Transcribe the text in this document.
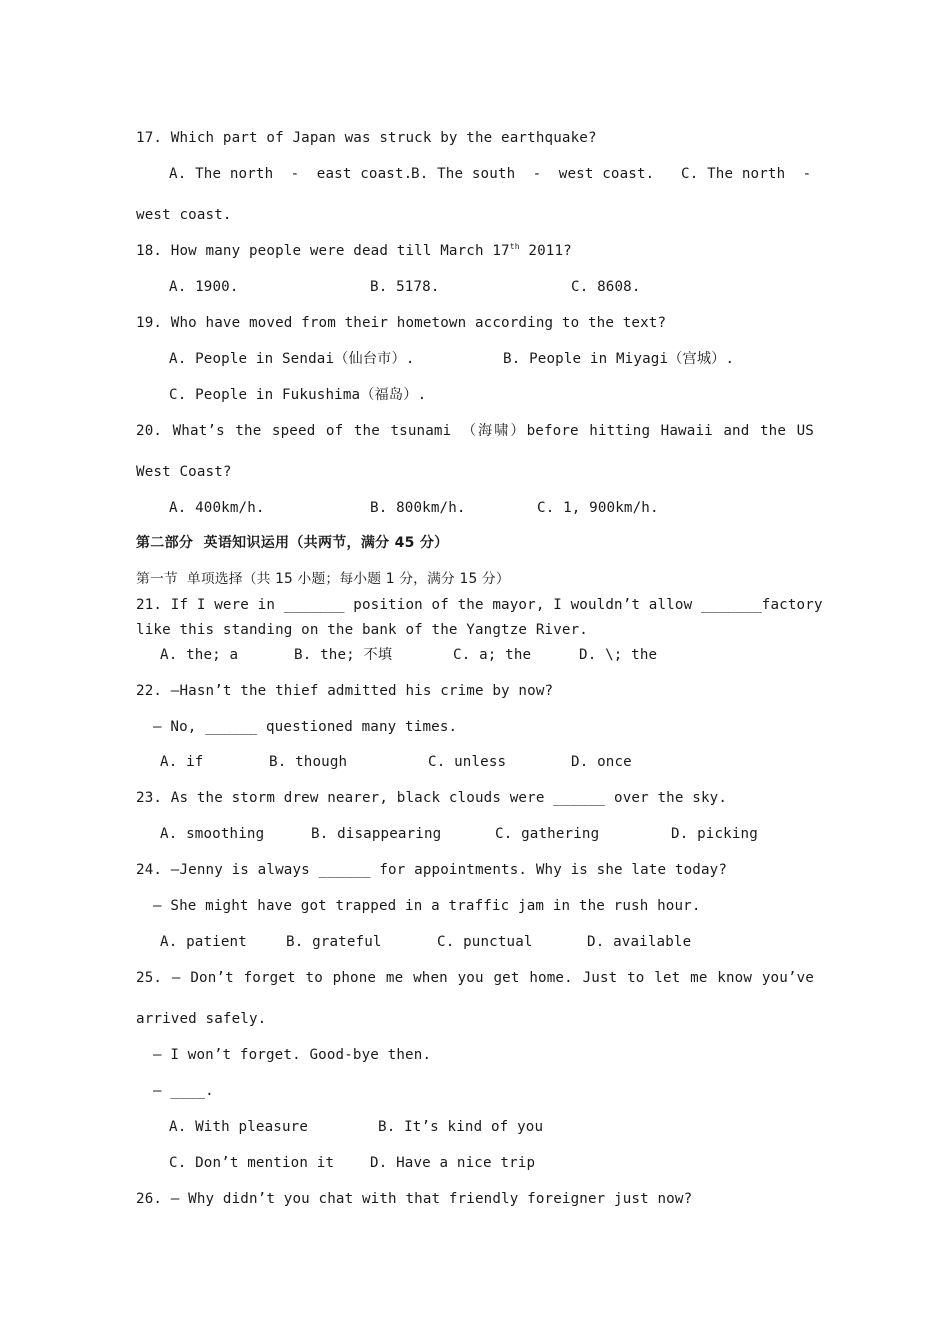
17. Which part of Japan was struck by the earthquake?
A. The north  -  east coast.
B. The south  -  west coast. C. The north  -
west coast.
18. How many people were dead till March 17th 2011?
A. 1900.	B. 5178.	C. 8608.
19. Who have moved from their hometown according to the text?
A. People in Sendai（仙台市）.	B. People in Miyagi（宫城）.
C. People in Fukushima（福岛）.
20. What’s the speed of the tsunami （海啸）before hitting Hawaii and the US
West Coast?
A. 400km/h.	B. 800km/h.	C. 1, 900km/h.
第二部分  英语知识运用（共两节，满分 45 分）
第一节  单项选择（共 15 小题；每小题 1 分，满分 15 分）
21. If I were in _______ position of the mayor, I wouldn’t allow _______factory
like this standing on the bank of the Yangtze River.
A. the; a	B. the; 不填	C. a; the	D. \; the
22. —Hasn’t the thief admitted his crime by now?
— No, ______ questioned many times.
A. if	B. though	C. unless	D. once
23. As the storm drew nearer, black clouds were ______ over the sky.
A. smoothing	B. disappearing	C. gathering	D. picking
24. —Jenny is always ______ for appointments. Why is she late today?
— She might have got trapped in a traffic jam in the rush hour.
A. patient	B. grateful	C. punctual	D. available
25. — Don’t forget to phone me when you get home. Just to let me know you’ve
arrived safely.
— I won’t forget. Good-bye then.
— ____.
A. With pleasure	B. It’s kind of you
C. Don’t mention it	D. Have a nice trip
26. — Why didn’t you chat with that friendly foreigner just now?
